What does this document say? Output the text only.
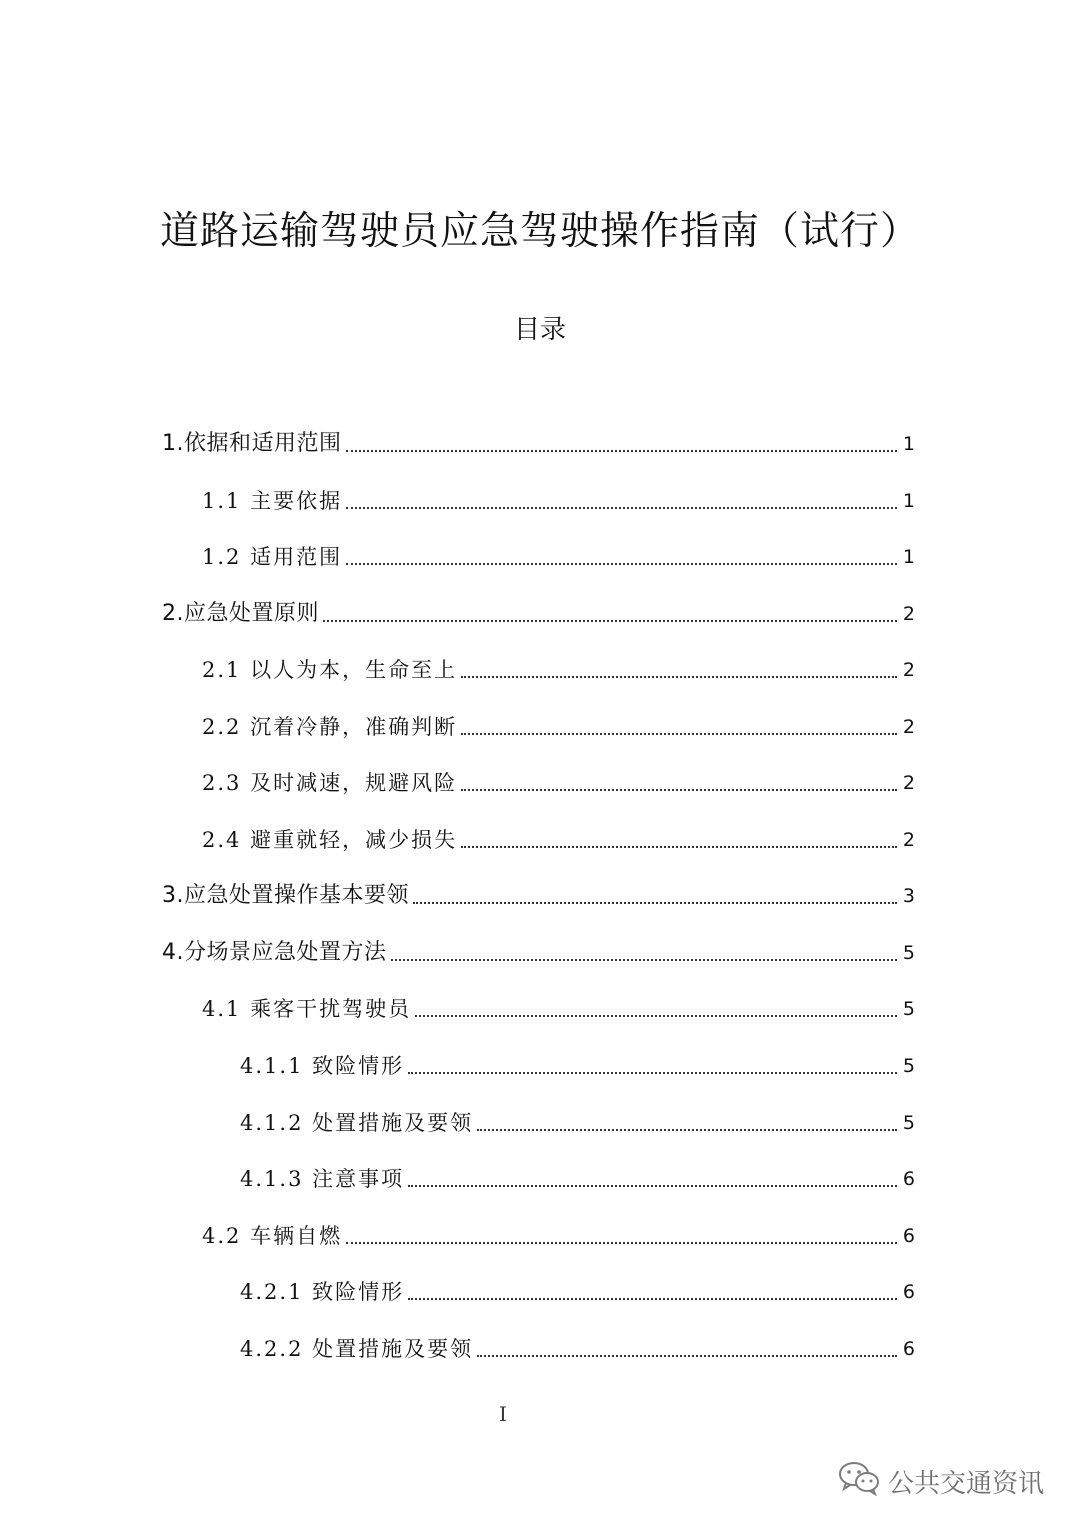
道路运输驾驶员应急驾驶操作指南（试行）
目录
1.依据和适用范围	1
1.1 主要依据	1
1.2 适用范围	1
2.应急处置原则	2
2.1 以人为本，生命至上	2
2.2 沉着冷静，准确判断	2
2.3 及时减速，规避风险	2
2.4 避重就轻，减少损失	2
3.应急处置操作基本要领	3
4.分场景应急处置方法	5
4.1 乘客干扰驾驶员	5
4.1.1 致险情形	5
4.1.2 处置措施及要领	5
4.1.3 注意事项	6
4.2 车辆自燃	6
4.2.1 致险情形	6
4.2.2 处置措施及要领	6
I
公共交通资讯
